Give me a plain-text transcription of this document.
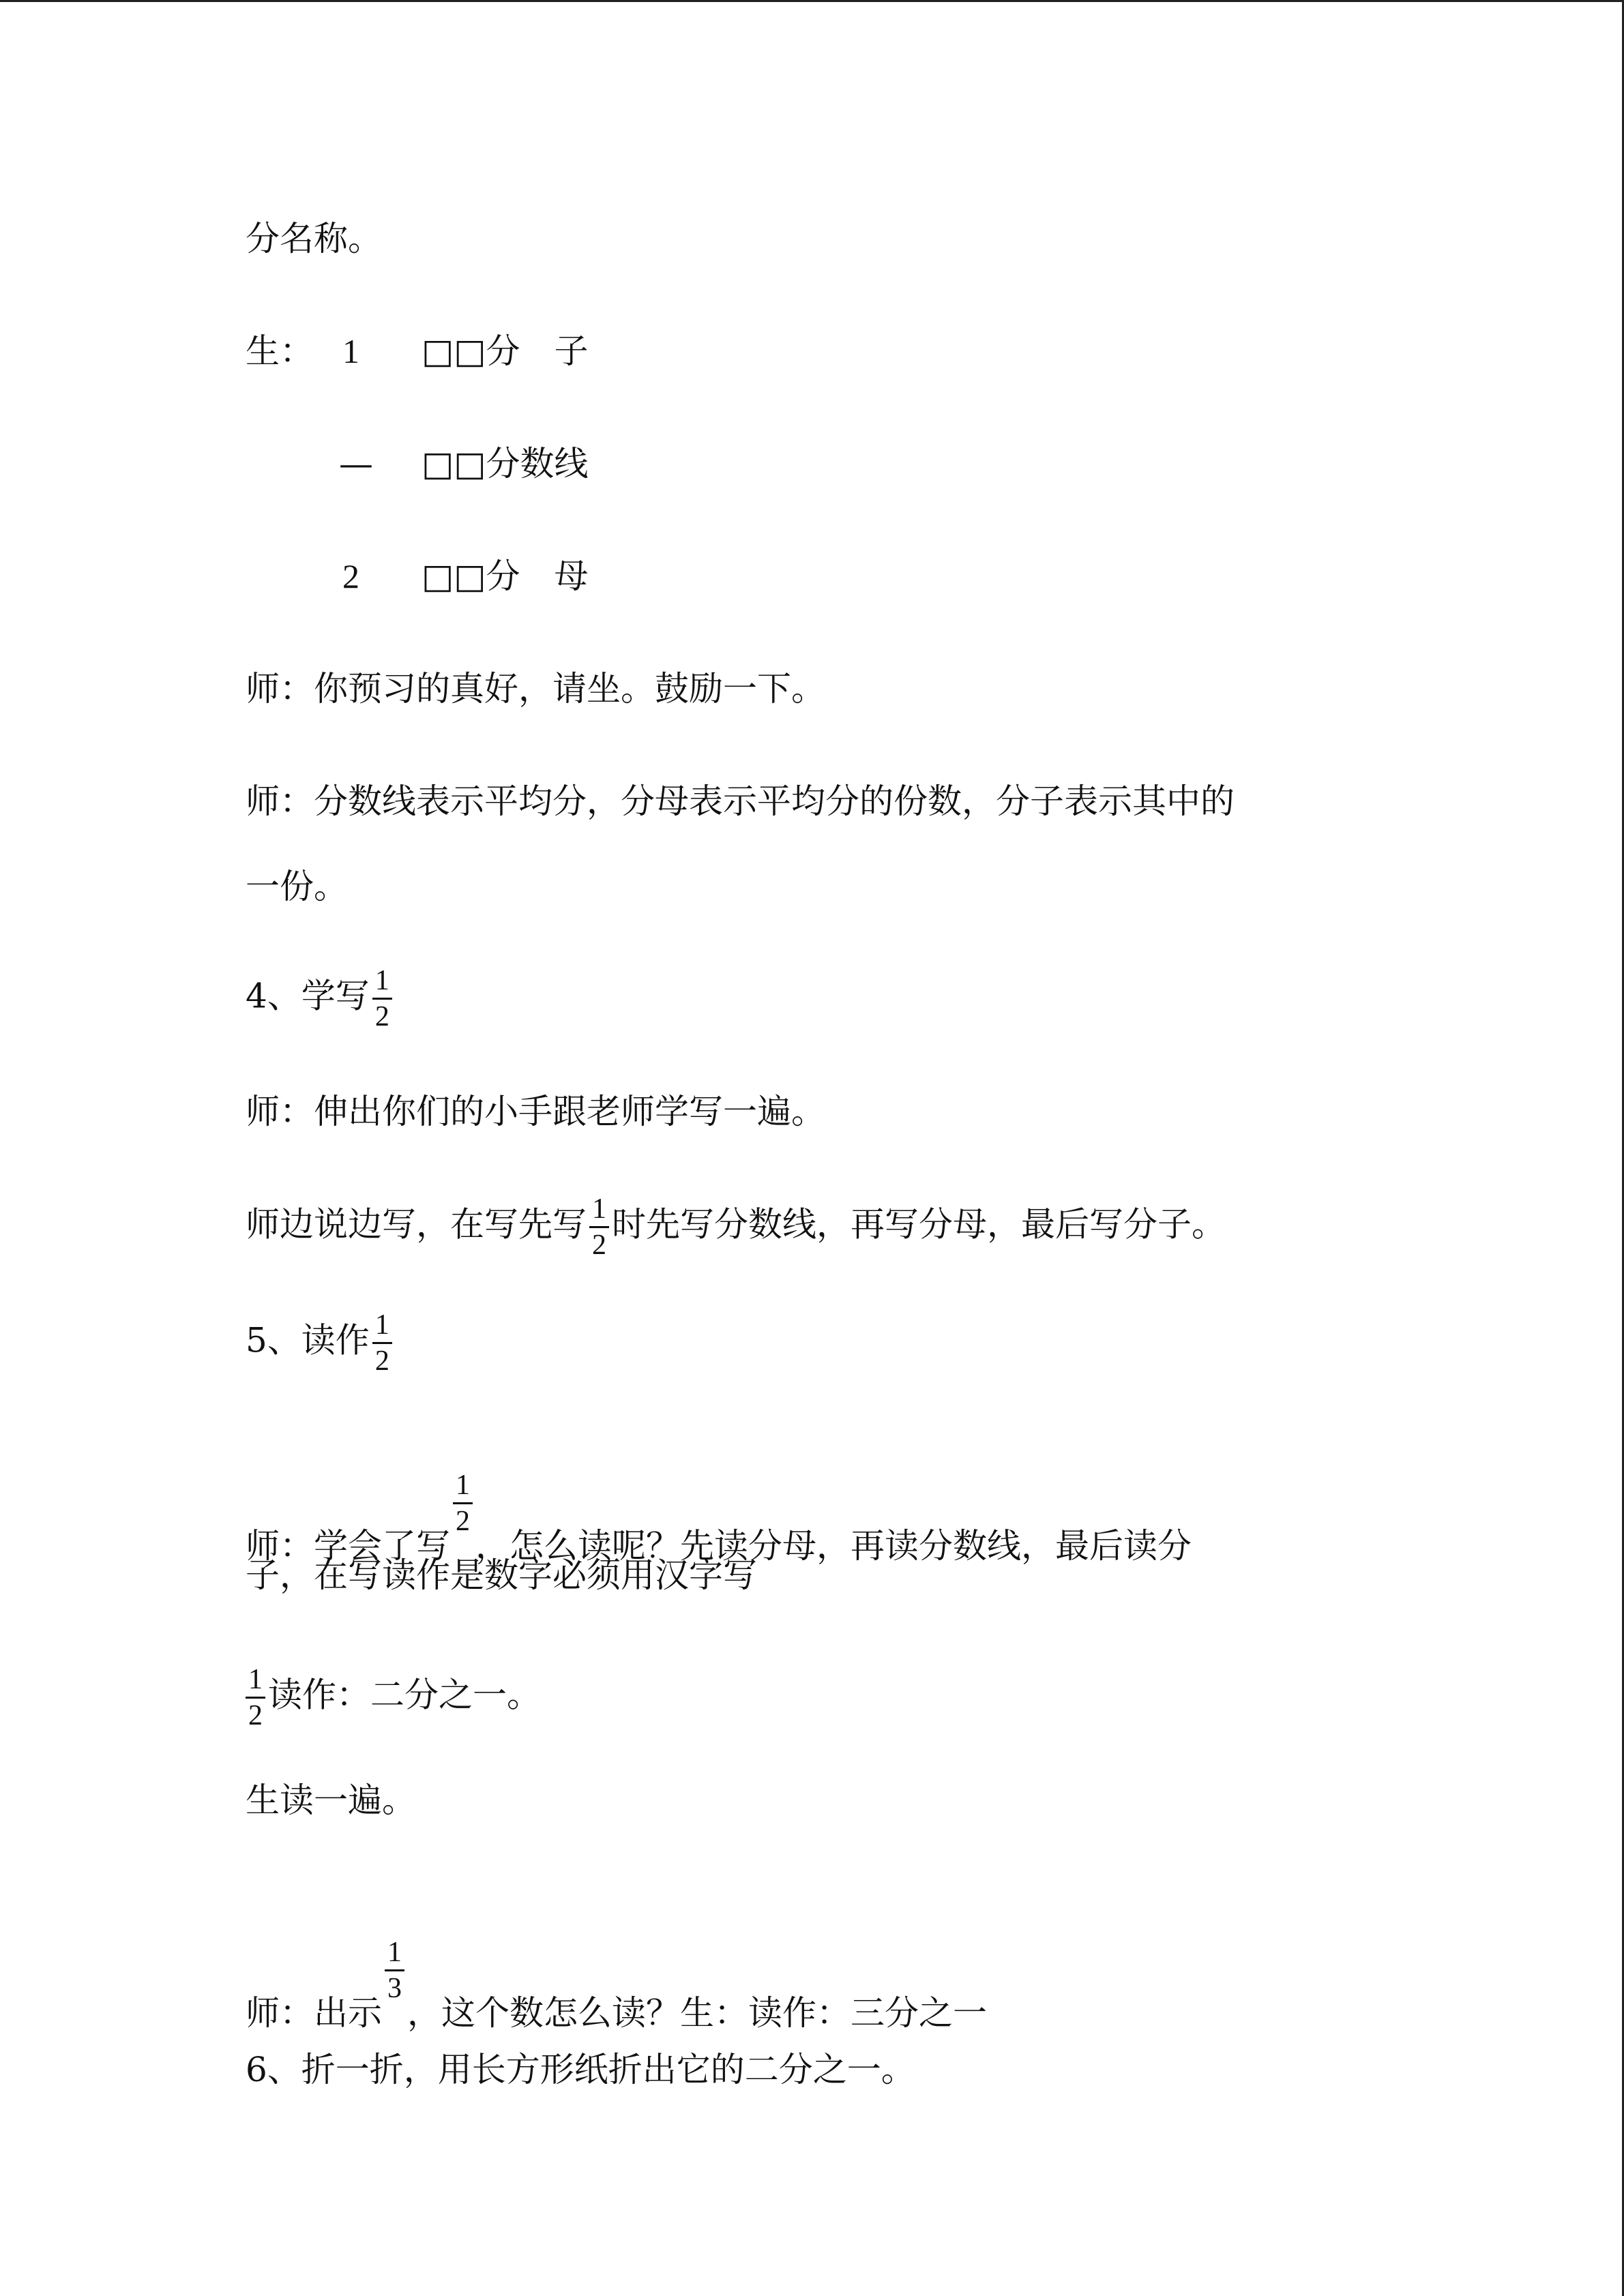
分名称。
生： 1 □□分　子
— □□分数线
2 □□分　母
师：你预习的真好，请坐。鼓励一下。
师：分数线表示平均分，分母表示平均分的份数，分子表示其中的
一份。
4、学写 $\frac{1}{2}$
师：伸出你们的小手跟老师学写一遍。
师边说边写，在写先写 $\frac{1}{2}$ 时先写分数线，再写分母，最后写分子。
5、读作 $\frac{1}{2}$
师：学会了写
$\frac{1}{2}$
，怎么读呢？先读分母，再读分数线，最后读分
子，在写读作是数字必须用汉字写
$\frac{1}{2}$ 读作：二分之一。
生读一遍。
师：出示
$\frac{1}{3}$
，这个数怎么读？生：读作：三分之一
6、折一折，用长方形纸折出它的二分之一。
